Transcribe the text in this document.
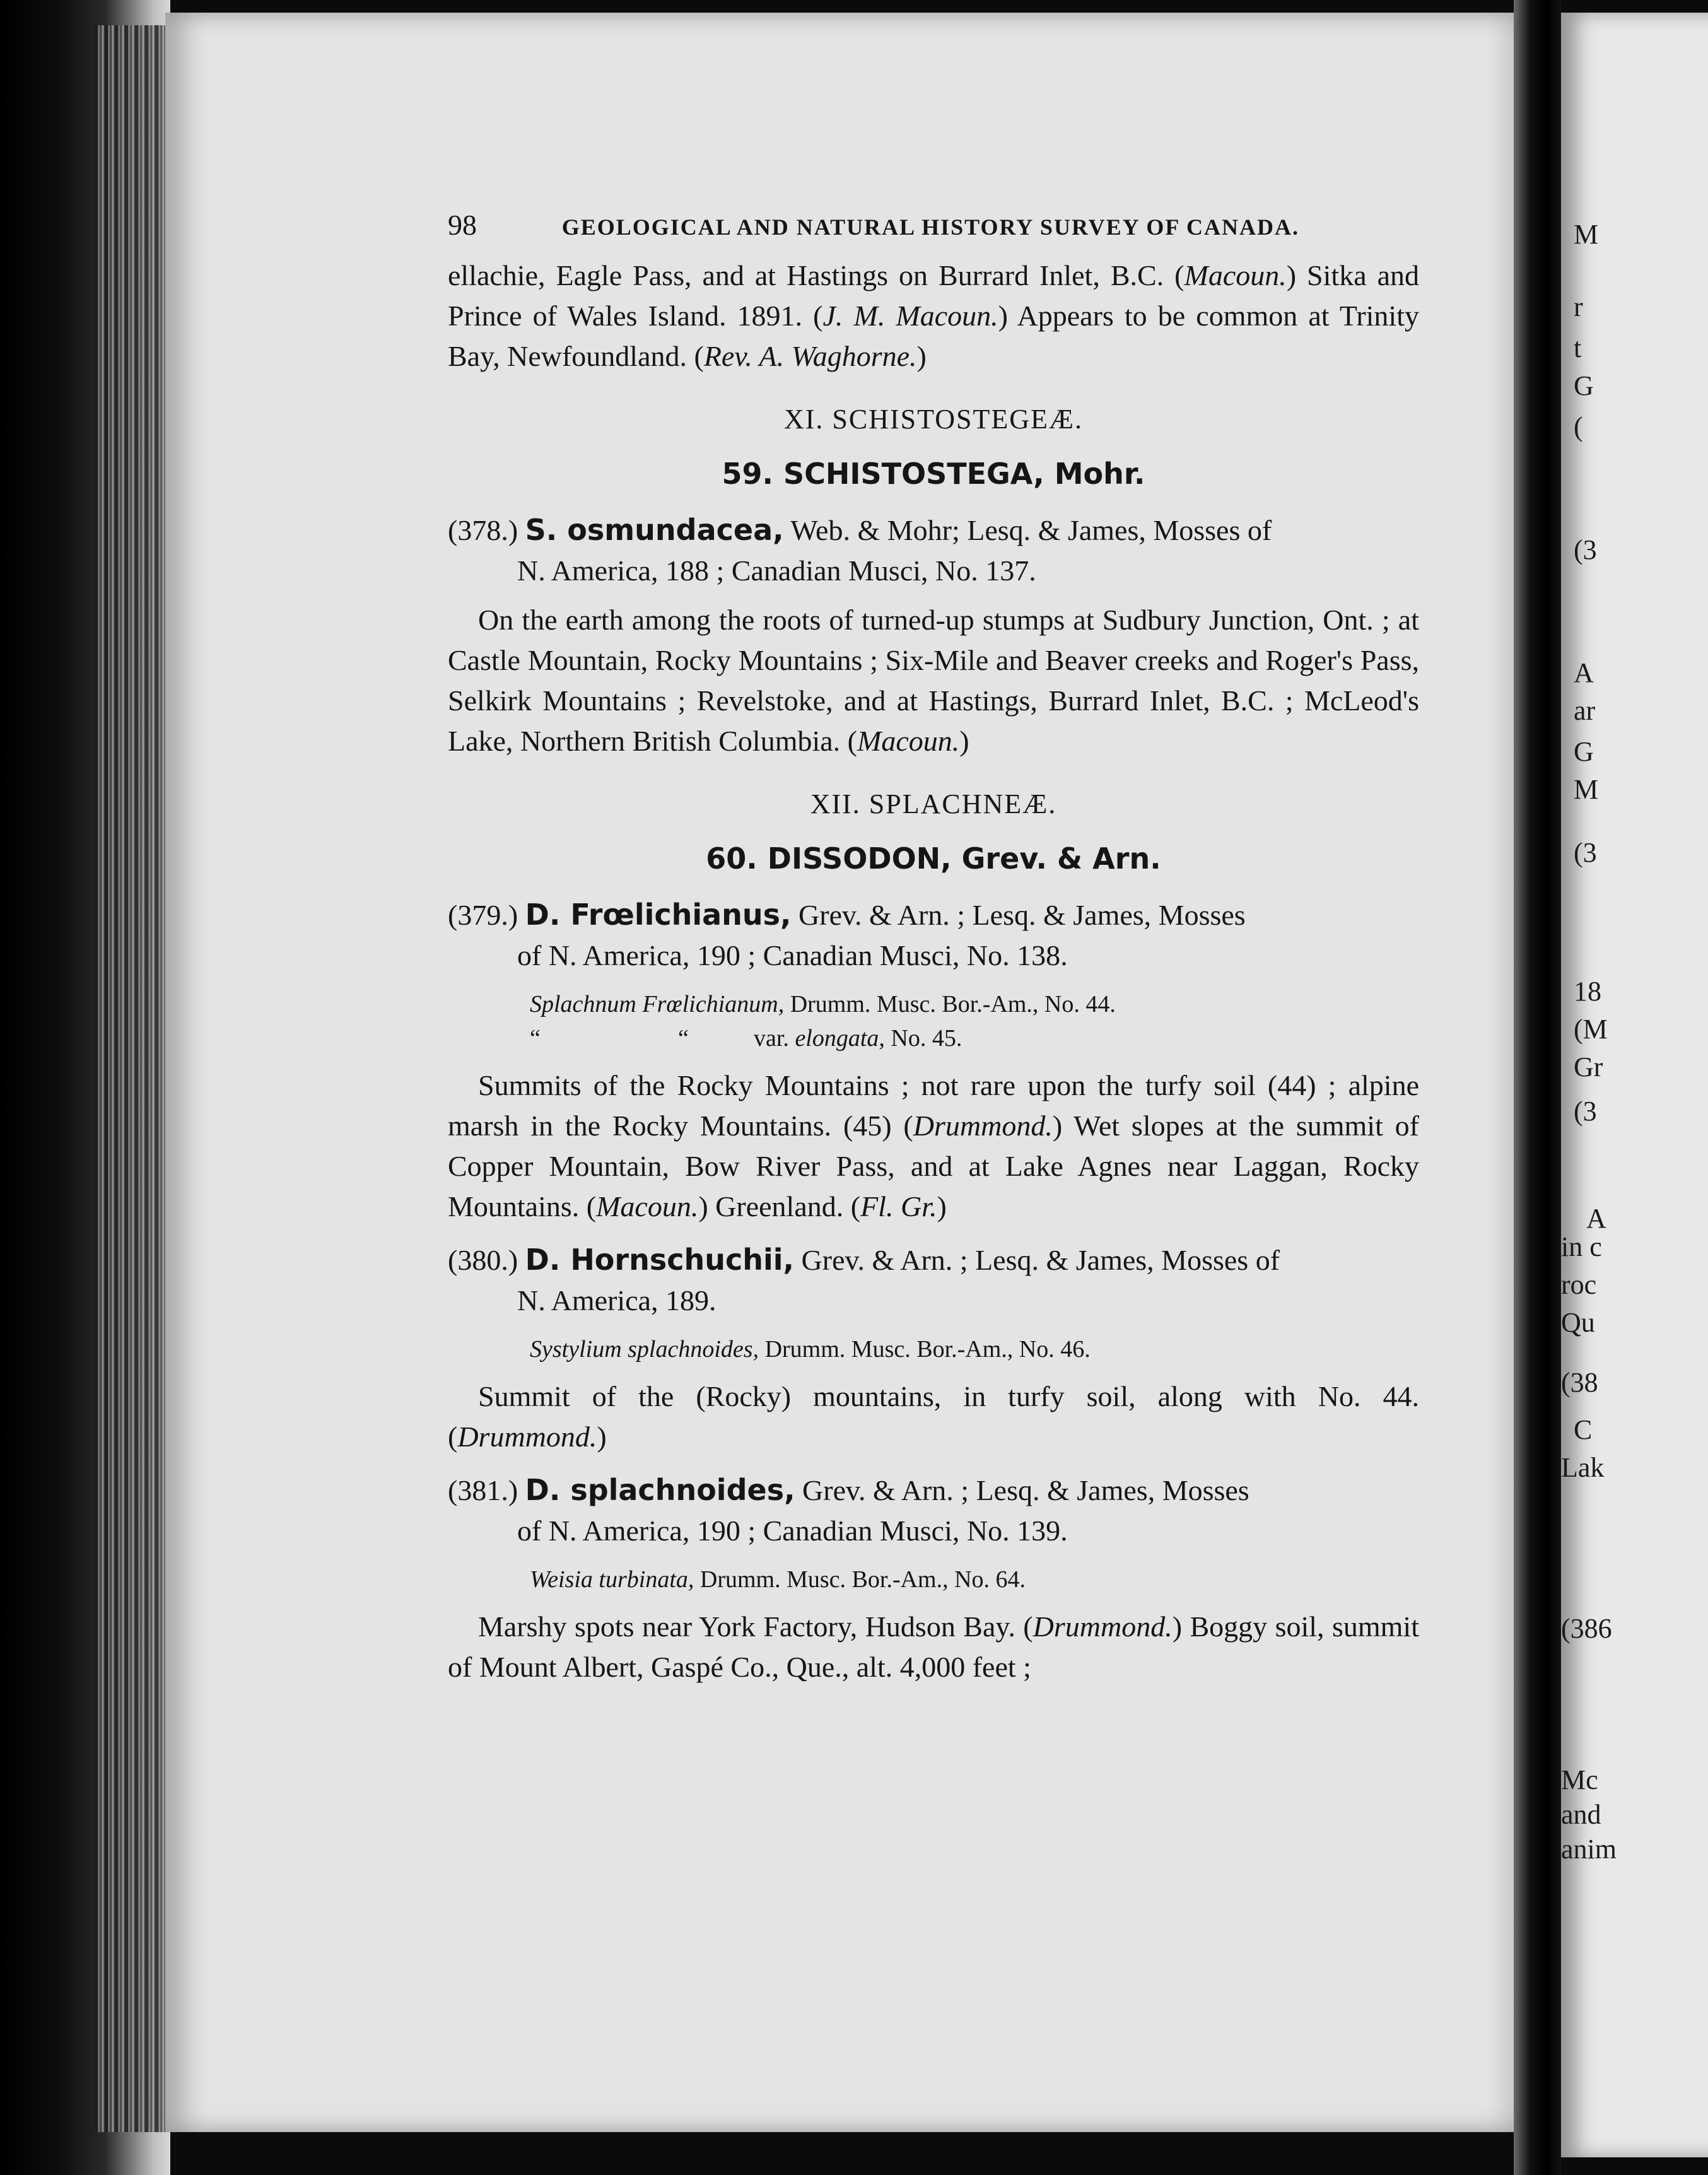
98	GEOLOGICAL AND NATURAL HISTORY SURVEY OF CANADA.

ellachie, Eagle Pass, and at Hastings on Burrard Inlet, B.C. (Macoun.) Sitka and Prince of Wales Island. 1891. (J. M. Macoun.) Appears to be common at Trinity Bay, Newfoundland. (Rev. A. Waghorne.)

XI. SCHISTOSTEGEÆ.
59. SCHISTOSTEGA, Mohr.

(378.) S. osmundacea, Web. & Mohr; Lesq. & James, Mosses of

N. America, 188 ; Canadian Musci, No. 137.

On the earth among the roots of turned-up stumps at Sudbury Junction, Ont. ; at Castle Mountain, Rocky Mountains ; Six-Mile and Beaver creeks and Roger's Pass, Selkirk Mountains ; Revelstoke, and at Hastings, Burrard Inlet, B.C. ; McLeod's Lake, Northern British Columbia. (Macoun.)

XII. SPLACHNEÆ.
60. DISSODON, Grev. & Arn.

(379.) D. Frœlichianus, Grev. & Arn. ; Lesq. & James, Mosses

of N. America, 190 ; Canadian Musci, No. 138.

Splachnum Frœlichianum, Drumm. Musc. Bor.-Am., No. 44.
“	“	var. elongata, No. 45.

Summits of the Rocky Mountains ; not rare upon the turfy soil (44) ; alpine marsh in the Rocky Mountains. (45) (Drummond.) Wet slopes at the summit of Copper Mountain, Bow River Pass, and at Lake Agnes near Laggan, Rocky Mountains. (Macoun.) Greenland. (Fl. Gr.)

(380.) D. Hornschuchii, Grev. & Arn. ; Lesq. & James, Mosses of

N. America, 189.

Systylium splachnoides, Drumm. Musc. Bor.-Am., No. 46.

Summit of the (Rocky) mountains, in turfy soil, along with No. 44. (Drummond.)

(381.) D. splachnoides, Grev. & Arn. ; Lesq. & James, Mosses

of N. America, 190 ; Canadian Musci, No. 139.

Weisia turbinata, Drumm. Musc. Bor.-Am., No. 64.

Marshy spots near York Factory, Hudson Bay. (Drummond.) Boggy soil, summit of Mount Albert, Gaspé Co., Que., alt. 4,000 feet ;

M
r
t
G
(
(3
A
ar
G
M
(3
18
(M
Gr
(3
A
in c
roc
Qu
(38
C
Lak
(386
Mc
and
anim
